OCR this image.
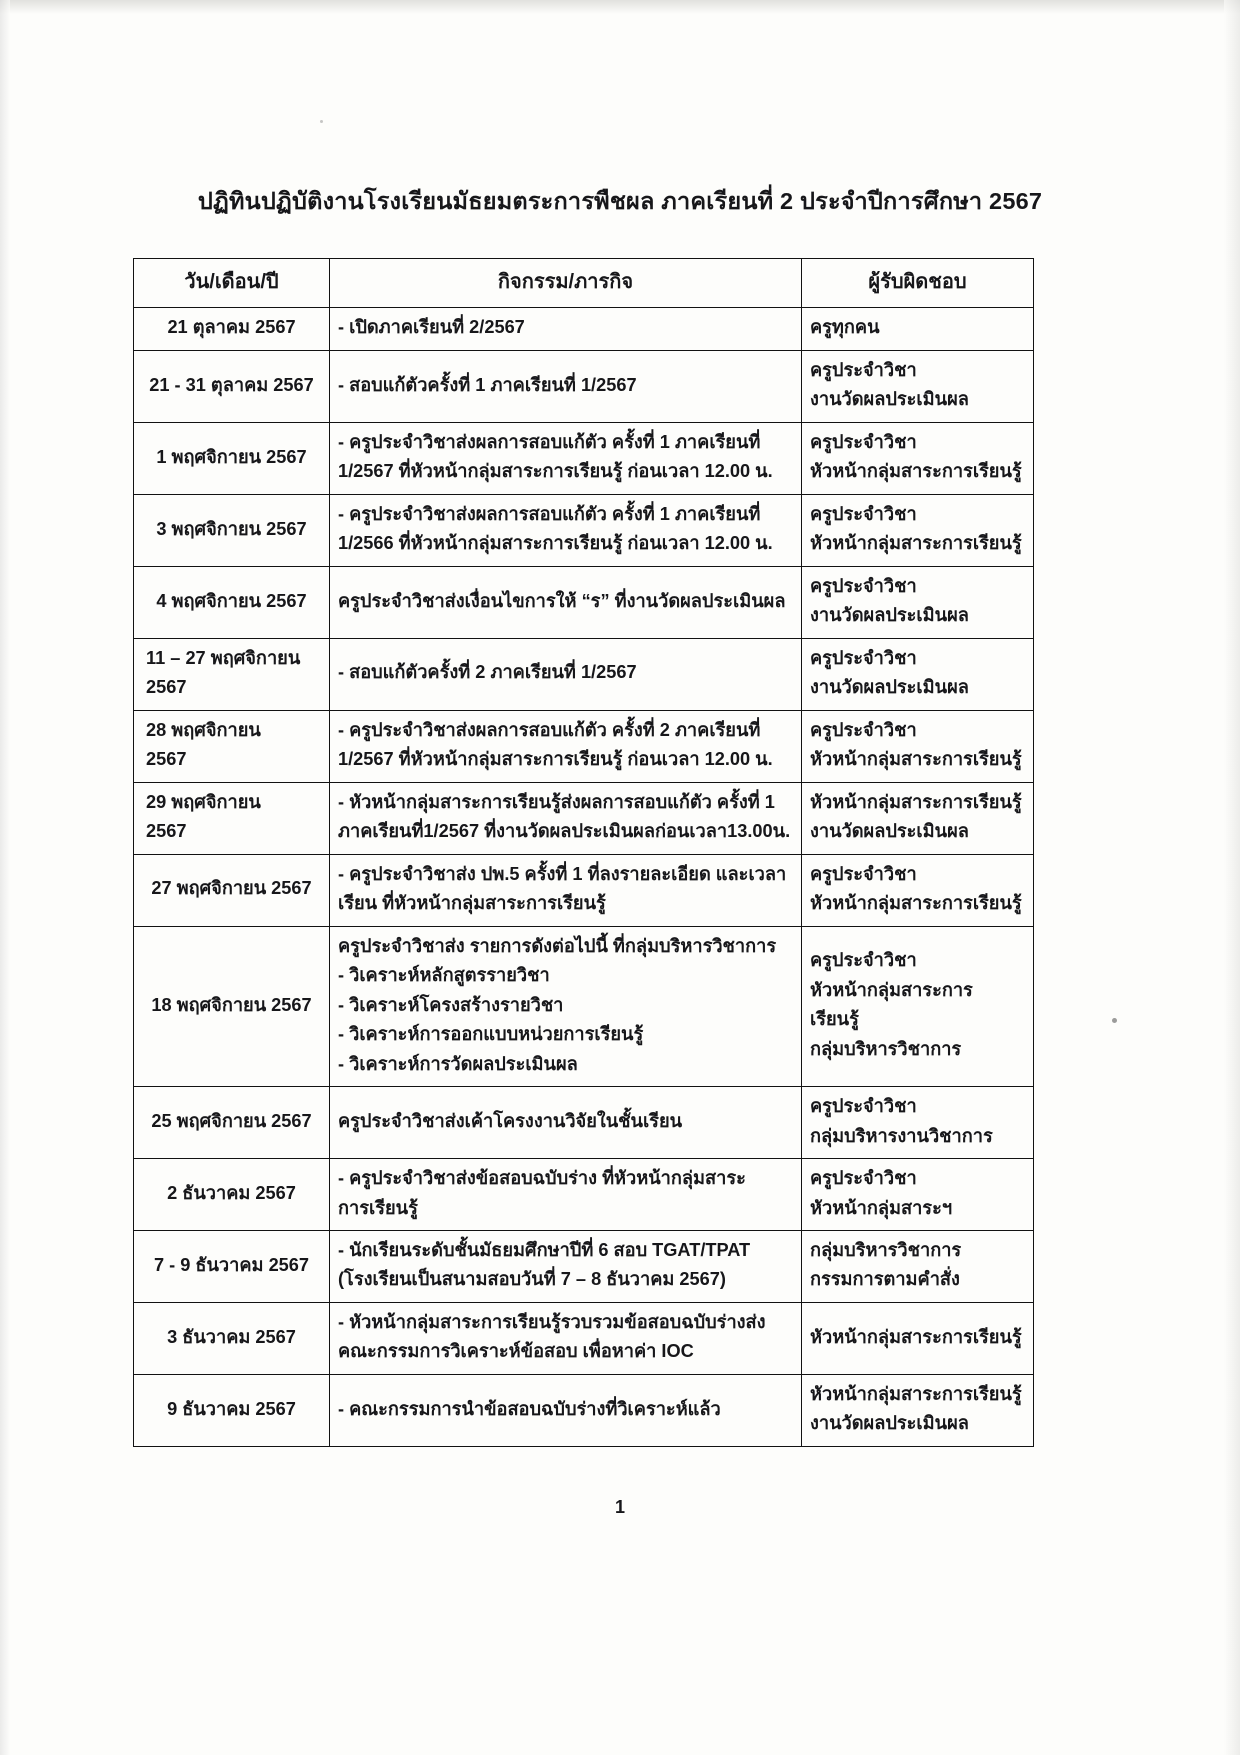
ปฏิทินปฏิบัติงานโรงเรียนมัธยมตระการพืชผล ภาคเรียนที่ 2 ประจำปีการศึกษา 2567
วัน/เดือน/ปี	กิจกรรม/ภารกิจ	ผู้รับผิดชอบ

21 ตุลาคม 2567	- เปิดภาคเรียนที่ 2/2567	ครูทุกคน

21 - 31 ตุลาคม 2567	- สอบแก้ตัวครั้งที่ 1 ภาคเรียนที่ 1/2567	ครูประจำวิชา
งานวัดผลประเมินผล

1 พฤศจิกายน 2567	- ครูประจำวิชาส่งผลการสอบแก้ตัว ครั้งที่ 1 ภาคเรียนที่
1/2567 ที่หัวหน้ากลุ่มสาระการเรียนรู้ ก่อนเวลา 12.00 น.	ครูประจำวิชา
หัวหน้ากลุ่มสาระการเรียนรู้

3 พฤศจิกายน 2567	- ครูประจำวิชาส่งผลการสอบแก้ตัว ครั้งที่ 1 ภาคเรียนที่
1/2566 ที่หัวหน้ากลุ่มสาระการเรียนรู้ ก่อนเวลา 12.00 น.	ครูประจำวิชา
หัวหน้ากลุ่มสาระการเรียนรู้

4 พฤศจิกายน 2567	ครูประจำวิชาส่งเงื่อนไขการให้ “ร” ที่งานวัดผลประเมินผล	ครูประจำวิชา
งานวัดผลประเมินผล

11 – 27 พฤศจิกายน
2567	- สอบแก้ตัวครั้งที่ 2 ภาคเรียนที่ 1/2567	ครูประจำวิชา
งานวัดผลประเมินผล

28 พฤศจิกายน
2567	- ครูประจำวิชาส่งผลการสอบแก้ตัว ครั้งที่ 2 ภาคเรียนที่
1/2567 ที่หัวหน้ากลุ่มสาระการเรียนรู้ ก่อนเวลา 12.00 น.	ครูประจำวิชา
หัวหน้ากลุ่มสาระการเรียนรู้

29 พฤศจิกายน
2567	- หัวหน้ากลุ่มสาระการเรียนรู้ส่งผลการสอบแก้ตัว ครั้งที่ 1
ภาคเรียนที่1/2567 ที่งานวัดผลประเมินผลก่อนเวลา13.00น.	หัวหน้ากลุ่มสาระการเรียนรู้
งานวัดผลประเมินผล

27 พฤศจิกายน 2567	- ครูประจำวิชาส่ง ปพ.5 ครั้งที่ 1 ที่ลงรายละเอียด และเวลา
เรียน ที่หัวหน้ากลุ่มสาระการเรียนรู้	ครูประจำวิชา
หัวหน้ากลุ่มสาระการเรียนรู้

18 พฤศจิกายน 2567	ครูประจำวิชาส่ง รายการดังต่อไปนี้ ที่กลุ่มบริหารวิชาการ
- วิเคราะห์หลักสูตรรายวิชา
- วิเคราะห์โครงสร้างรายวิชา
- วิเคราะห์การออกแบบหน่วยการเรียนรู้
- วิเคราะห์การวัดผลประเมินผล	ครูประจำวิชา
หัวหน้ากลุ่มสาระการ
เรียนรู้
กลุ่มบริหารวิชาการ

25 พฤศจิกายน 2567	ครูประจำวิชาส่งเค้าโครงงานวิจัยในชั้นเรียน	ครูประจำวิชา
กลุ่มบริหารงานวิชาการ

2 ธันวาคม 2567	- ครูประจำวิชาส่งข้อสอบฉบับร่าง ที่หัวหน้ากลุ่มสาระ
การเรียนรู้	ครูประจำวิชา
หัวหน้ากลุ่มสาระฯ

7 - 9 ธันวาคม 2567	- นักเรียนระดับชั้นมัธยมศึกษาปีที่ 6 สอบ TGAT/TPAT
(โรงเรียนเป็นสนามสอบวันที่ 7 – 8 ธันวาคม 2567)	กลุ่มบริหารวิชาการ
กรรมการตามคำสั่ง

3 ธันวาคม 2567	- หัวหน้ากลุ่มสาระการเรียนรู้รวบรวมข้อสอบฉบับร่างส่ง
คณะกรรมการวิเคราะห์ข้อสอบ เพื่อหาค่า IOC	หัวหน้ากลุ่มสาระการเรียนรู้

9 ธันวาคม 2567	- คณะกรรมการนำข้อสอบฉบับร่างที่วิเคราะห์แล้ว	หัวหน้ากลุ่มสาระการเรียนรู้
งานวัดผลประเมินผล
1
